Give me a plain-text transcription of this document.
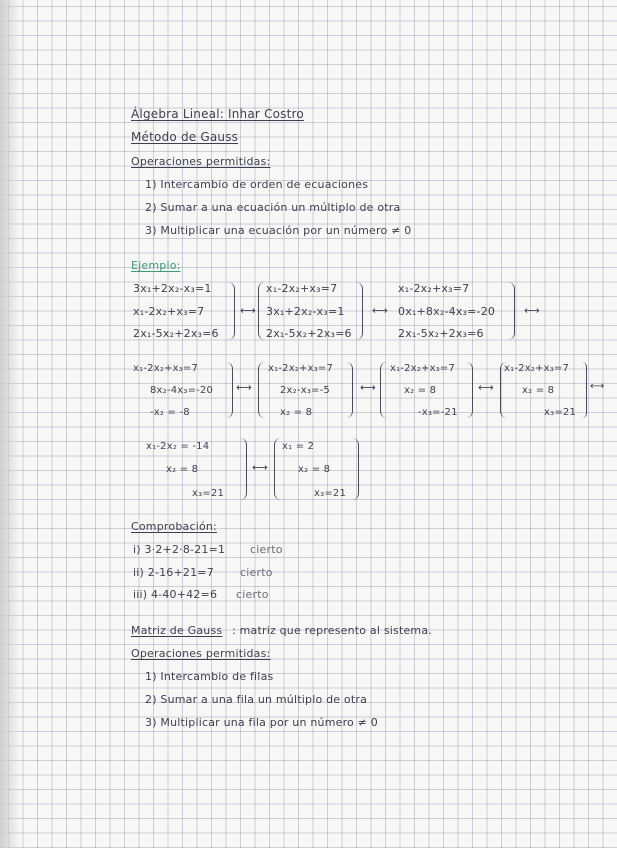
Álgebra Lineal: Inhar Costro
Método de Gauss
Operaciones permitidas:
1) Intercambio de orden de ecuaciones
2) Sumar a una ecuación un múltiplo de otra
3) Multiplicar una ecuación por un número ≠ 0
Ejemplo:
3x₁+2x₂-x₃=1
x₁-2x₂+x₃=7
2x₁-5x₂+2x₃=6
⟷
x₁-2x₂+x₃=7
3x₁+2x₂-x₃=1
2x₁-5x₂+2x₃=6
⟷
x₁-2x₂+x₃=7
0x₁+8x₂-4x₃=-20
2x₁-5x₂+2x₃=6
⟷
x₁-2x₂+x₃=7
8x₂-4x₃=-20
-x₂ = -8
⟷
x₁-2x₂+x₃=7
2x₂-x₃=-5
x₂ = 8
⟷
x₁-2x₂+x₃=7
x₂ = 8
-x₃=-21
⟷
x₁-2x₂+x₃=7
x₂ = 8
x₃=21
⟷
x₁-2x₂ = -14
x₂ = 8
x₃=21
⟷
x₁ = 2
x₂ = 8
x₃=21
Comprobación:
i) 3·2+2·8-21=1 cierto
ii) 2-16+21=7 cierto
iii) 4-40+42=6 cierto
Matriz de Gauss : matriz que represento al sistema.
Operaciones permitidas:
1) Intercambio de filas
2) Sumar a una fila un múltiplo de otra
3) Multiplicar una fila por un número ≠ 0
